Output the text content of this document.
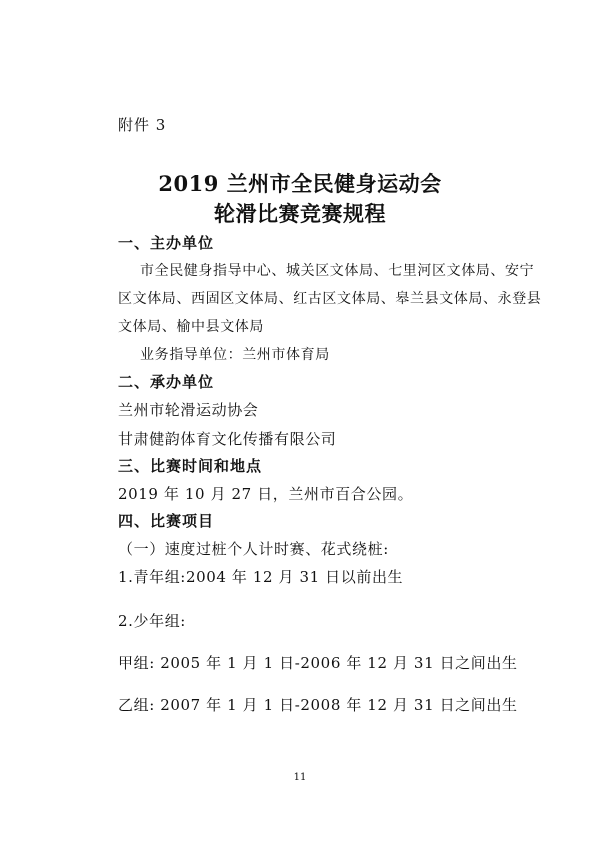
附件 3
2019 兰州市全民健身运动会
轮滑比赛竞赛规程
一、主办单位
市全民健身指导中心、城关区文体局、七里河区文体局、安宁
区文体局、西固区文体局、红古区文体局、皋兰县文体局、永登县
文体局、榆中县文体局
业务指导单位：兰州市体育局
二、承办单位
兰州市轮滑运动协会
甘肃健韵体育文化传播有限公司
三、比赛时间和地点
2019 年 10 月 27 日，兰州市百合公园。
四、比赛项目
（一）速度过桩个人计时赛、花式绕桩:
1.青年组:2004 年 12 月 31 日以前出生
2.少年组:
甲组: 2005 年 1 月 1 日-2006 年 12 月 31 日之间出生
乙组: 2007 年 1 月 1 日-2008 年 12 月 31 日之间出生
11
